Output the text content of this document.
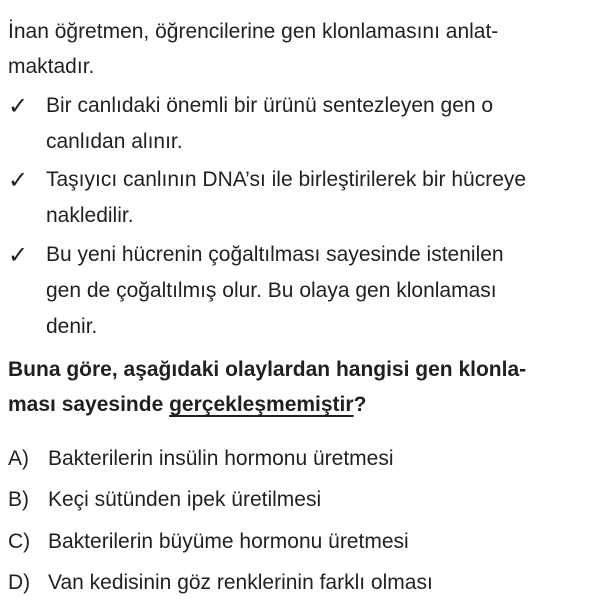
İnan öğretmen, öğrencilerine gen klonlamasını anlat-
maktadır.
✓ Bir canlıdaki önemli bir ürünü sentezleyen gen o
canlıdan alınır.
✓ Taşıyıcı canlının DNA’sı ile birleştirilerek bir hücreye
nakledilir.
✓ Bu yeni hücrenin çoğaltılması sayesinde istenilen
gen de çoğaltılmış olur. Bu olaya gen klonlaması
denir.
Buna göre, aşağıdaki olaylardan hangisi gen klonla-
ması sayesinde gerçekleşmemiştir?
A) Bakterilerin insülin hormonu üretmesi
B) Keçi sütünden ipek üretilmesi
C) Bakterilerin büyüme hormonu üretmesi
D) Van kedisinin göz renklerinin farklı olması
